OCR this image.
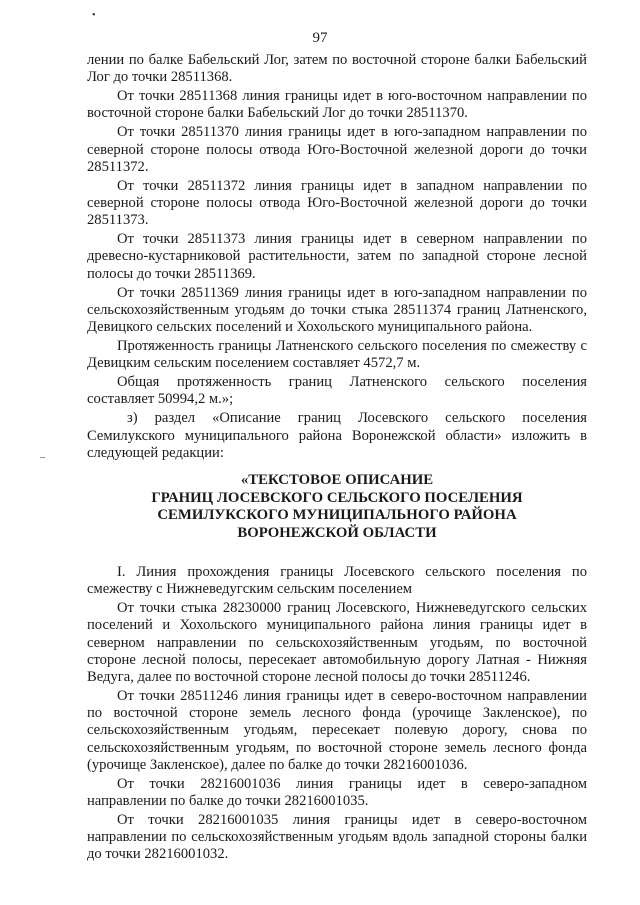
•
–
97

лении по балке Бабельский Лог, затем по восточной стороне балки Бабельский Лог до точки 28511368.

От точки 28511368 линия границы идет в юго-восточном направлении по восточной стороне балки Бабельский Лог до точки 28511370.

От точки 28511370 линия границы идет в юго-западном направлении по северной стороне полосы отвода Юго-Восточной железной дороги до точки 28511372.

От точки 28511372 линия границы идет в западном направлении по северной стороне полосы отвода Юго-Восточной железной дороги до точки 28511373.

От точки 28511373 линия границы идет в северном направлении по древесно-кустарниковой растительности, затем по западной стороне лесной полосы до точки 28511369.

От точки 28511369 линия границы идет в юго-западном направлении по сельскохозяйственным угодьям до точки стыка 28511374 границ Латненского, Девицкого сельских поселений и Хохольского муниципального района.

Протяженность границы Латненского сельского поселения по смежеству с Девицким сельским поселением составляет 4572,7 м.

Общая протяженность границ Латненского сельского поселения составляет 50994,2 м.»;

з) раздел «Описание границ Лосевского сельского поселения Семилукского муниципального района Воронежской области» изложить в следующей редакции:

«ТЕКСТОВОЕ ОПИСАНИЕ
ГРАНИЦ ЛОСЕВСКОГО СЕЛЬСКОГО ПОСЕЛЕНИЯ
СЕМИЛУКСКОГО МУНИЦИПАЛЬНОГО РАЙОНА
ВОРОНЕЖСКОЙ ОБЛАСТИ

I. Линия прохождения границы Лосевского сельского поселения по смежеству с Нижневедугским сельским поселением

От точки стыка 28230000 границ Лосевского, Нижневедугского сельских поселений и Хохольского муниципального района линия границы идет в северном направлении по сельскохозяйственным угодьям, по восточной стороне лесной полосы, пересекает автомобильную дорогу Латная - Нижняя Ведуга, далее по восточной стороне лесной полосы до точки 28511246.

От точки 28511246 линия границы идет в северо-восточном направлении по восточной стороне земель лесного фонда (урочище Закленское), по сельскохозяйственным угодьям, пересекает полевую дорогу, снова по сельскохозяйственным угодьям, по восточной стороне земель лесного фонда (урочище Закленское), далее по балке до точки 28216001036.

От точки 28216001036 линия границы идет в северо-западном направлении по балке до точки 28216001035.

От точки 28216001035 линия границы идет в северо-восточном направлении по сельскохозяйственным угодьям вдоль западной стороны балки до точки 28216001032.
